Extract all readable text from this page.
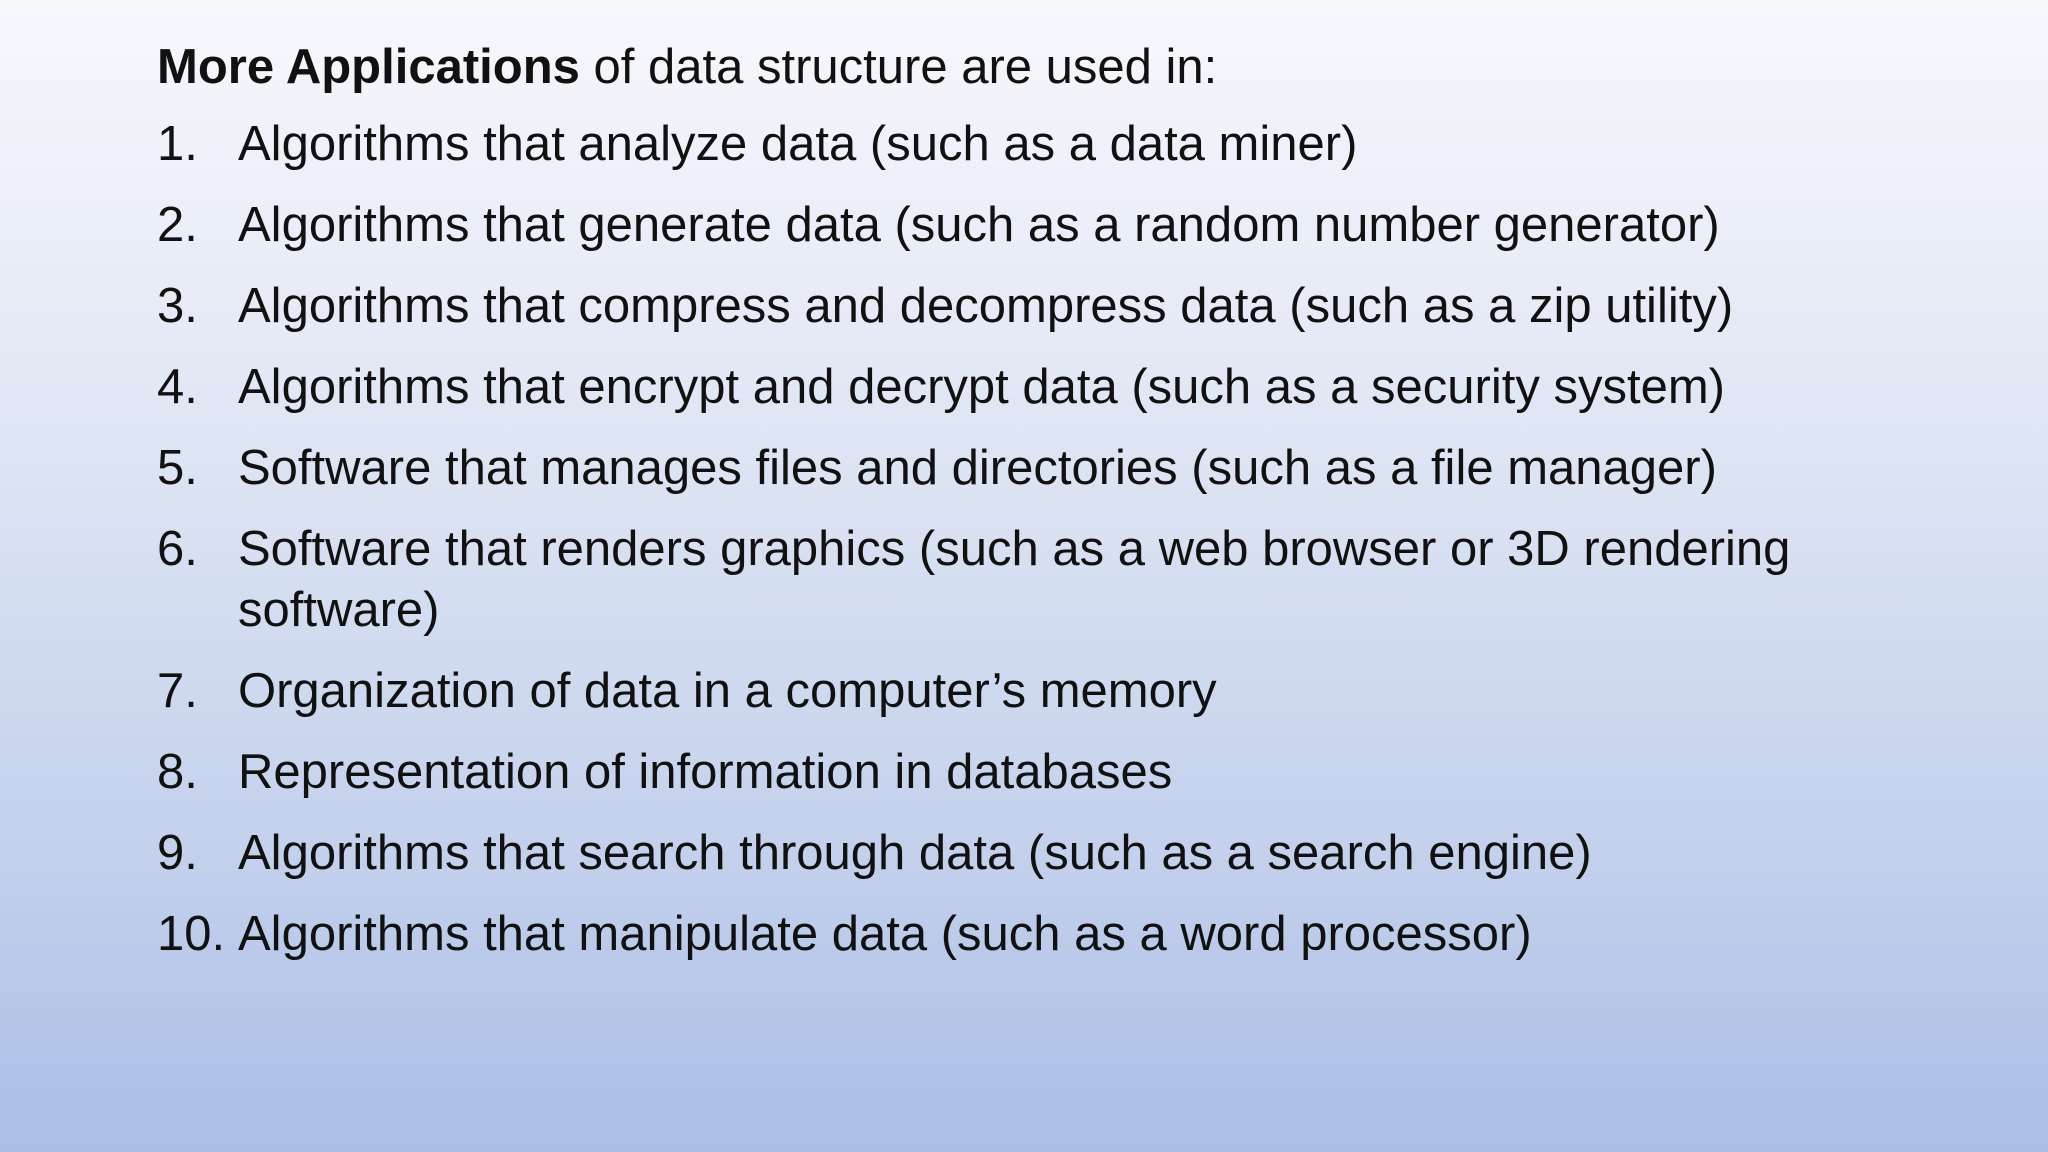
More Applications of data structure are used in:

1. Algorithms that analyze data (such as a data miner)
2. Algorithms that generate data (such as a random number generator)
3. Algorithms that compress and decompress data (such as a zip utility)
4. Algorithms that encrypt and decrypt data (such as a security system)
5. Software that manages files and directories (such as a file manager)
6. Software that renders graphics (such as a web browser or 3D rendering software)
7. Organization of data in a computer’s memory
8. Representation of information in databases
9. Algorithms that search through data (such as a search engine)
10. Algorithms that manipulate data (such as a word processor)
